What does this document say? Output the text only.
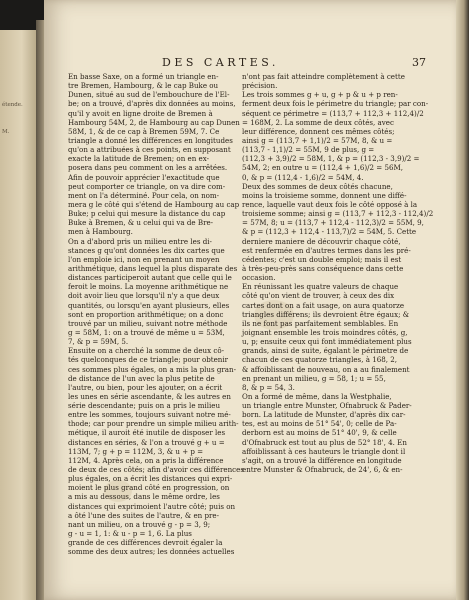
étende.
M.
DES CARTES.	37
En basse Saxe, on a formé un triangle en-
tre Bremen, Hambourg, & le cap Buke ou
Dunen, situé au sud de l'embouchure de l'El-
be; on a trouvé, d'après dix données au moins,
qu'il y avoit en ligne droite de Bremen à
Hambourg 54M, 2, de Hambourg au cap Dunen
58M, 1, & de ce cap à Bremen 59M, 7. Ce
triangle a donné les différences en longitudes
qu'on a attribuées à ces points, en supposant
exacte la latitude de Bremen; on en ex-
posera dans peu comment on les a arrêtées.
Afin de pouvoir apprécier l'exactitude que
peut comporter ce triangle, on va dire com-
ment on l'a déterminé. Pour cela, on nom-
mera g le côté qui s'étend de Hambourg au cap
Buke; p celui qui mesure la distance du cap
Buke à Bremen, & u celui qui va de Bre-
men à Hambourg.
On a d'abord pris un milieu entre les di-
stances g qu'ont données les dix cartes que
l'on emploie ici, non en prenant un moyen
arithmétique, dans lequel la plus disparate des
distances participeroit autant que celle qui le
feroit le moins. La moyenne arithmétique ne
doit avoir lieu que lorsqu'il n'y a que deux
quantités, ou lorsqu'en ayant plusieurs, elles
sont en proportion arithmétique; on a donc
trouvé par un milieu, suivant notre méthode
g = 58M, 1: on a trouvé de même u = 53M,
7, & p = 59M, 5.
Ensuite on a cherché la somme de deux cô-
tés quelconques de ce triangle; pour obtenir
ces sommes plus égales, on a mis la plus gran-
de distance de l'un avec la plus petite de
l'autre, ou bien, pour les ajouter, on a écrit
les unes en série ascendante, & les autres en
série descendante; puis on a pris le milieu
entre les sommes, toujours suivant notre mé-
thode; car pour prendre un simple milieu arith-
métique, il auroit été inutile de disposer les
distances en séries, & l'on a trouvé g + u =
113M, 7; g + p = 112M, 3, & u + p =
112M, 4. Après cela, on a pris la différence
de deux de ces côtés; afin d'avoir ces différences
plus égales, on a écrit les distances qui expri-
moient le plus grand côté en progression, on
a mis au dessous, dans le même ordre, les
distances qui exprimoient l'autre côté; puis on
a ôté l'une des suites de l'autre, & en pre-
nant un milieu, on a trouvé g - p = 3, 9;
g - u = 1, 1: & u - p = 1, 6. La plus
grande de ces différences devroit égaler la
somme des deux autres; les données actuelles
n'ont pas fait atteindre complètement à cette
précision.
Les trois sommes g + u, g + p & u + p ren-
ferment deux fois le périmetre du triangle; par con-
séquent ce périmetre = (113,7 + 112,3 + 112,4)/2
= 168M, 2. La somme de deux côtés, avec
leur différence, donnent ces mêmes côtés;
ainsi g = (113,7 + 1,1)/2 = 57M, 8, & u =
(113,7 - 1,1)/2 = 55M, 9 de plus, g =
(112,3 + 3,9)/2 = 58M, 1, & p = (112,3 - 3,9)/2 =
54M, 2; en outre u = (112,4 + 1,6)/2 = 56M,
0, & p = (112,4 - 1,6)/2 = 54M, 4.
Deux des sommes de deux côtés chacune,
moins la troisieme somme, donnent une diffé-
rence, laquelle vaut deux fois le côté opposé à la
troisieme somme; ainsi g = (113,7 + 112,3 - 112,4)/2
= 57M, 8; u = (113,7 + 112,4 - 112,3)/2 = 55M, 9,
& p = (112,3 + 112,4 - 113,7)/2 = 54M, 5. Cette
derniere maniere de découvrir chaque côté,
est renfermée en d'autres termes dans les pré-
cédentes; c'est un double emploi; mais il est
à très-peu-près sans conséquence dans cette
occasion.
En réunissant les quatre valeurs de chaque
côté qu'on vient de trouver, à ceux des dix
cartes dont on a fait usage, on aura quatorze
triangles différens; ils devroient être égaux; &
ils ne font pas parfaitement semblables. En
joignant ensemble les trois moindres côtés, g,
u, p; ensuite ceux qui font immédiatement plus
grands, ainsi de suite, égalant le périmetre de
chacun de ces quatorze triangles, à 168, 2,
& affoiblissant de nouveau, on a au finalement
en prenant un milieu, g = 58, 1; u = 55,
8, & p = 54, 3.
On a formé de même, dans la Westphalie,
un triangle entre Munster, Ofnabruck & Pader-
born. La latitude de Munster, d'après dix car-
tes, est au moins de 51° 54', 0; celle de Pa-
derborn est au moins de 51° 40', 9, & celle
d'Ofnabruck est tout au plus de 52° 18', 4. En
affoiblissant à ces hauteurs le triangle dont il
s'agit, on a trouvé la différence en longitude
entre Munster & Ofnabruck, de 24', 6, & en-
